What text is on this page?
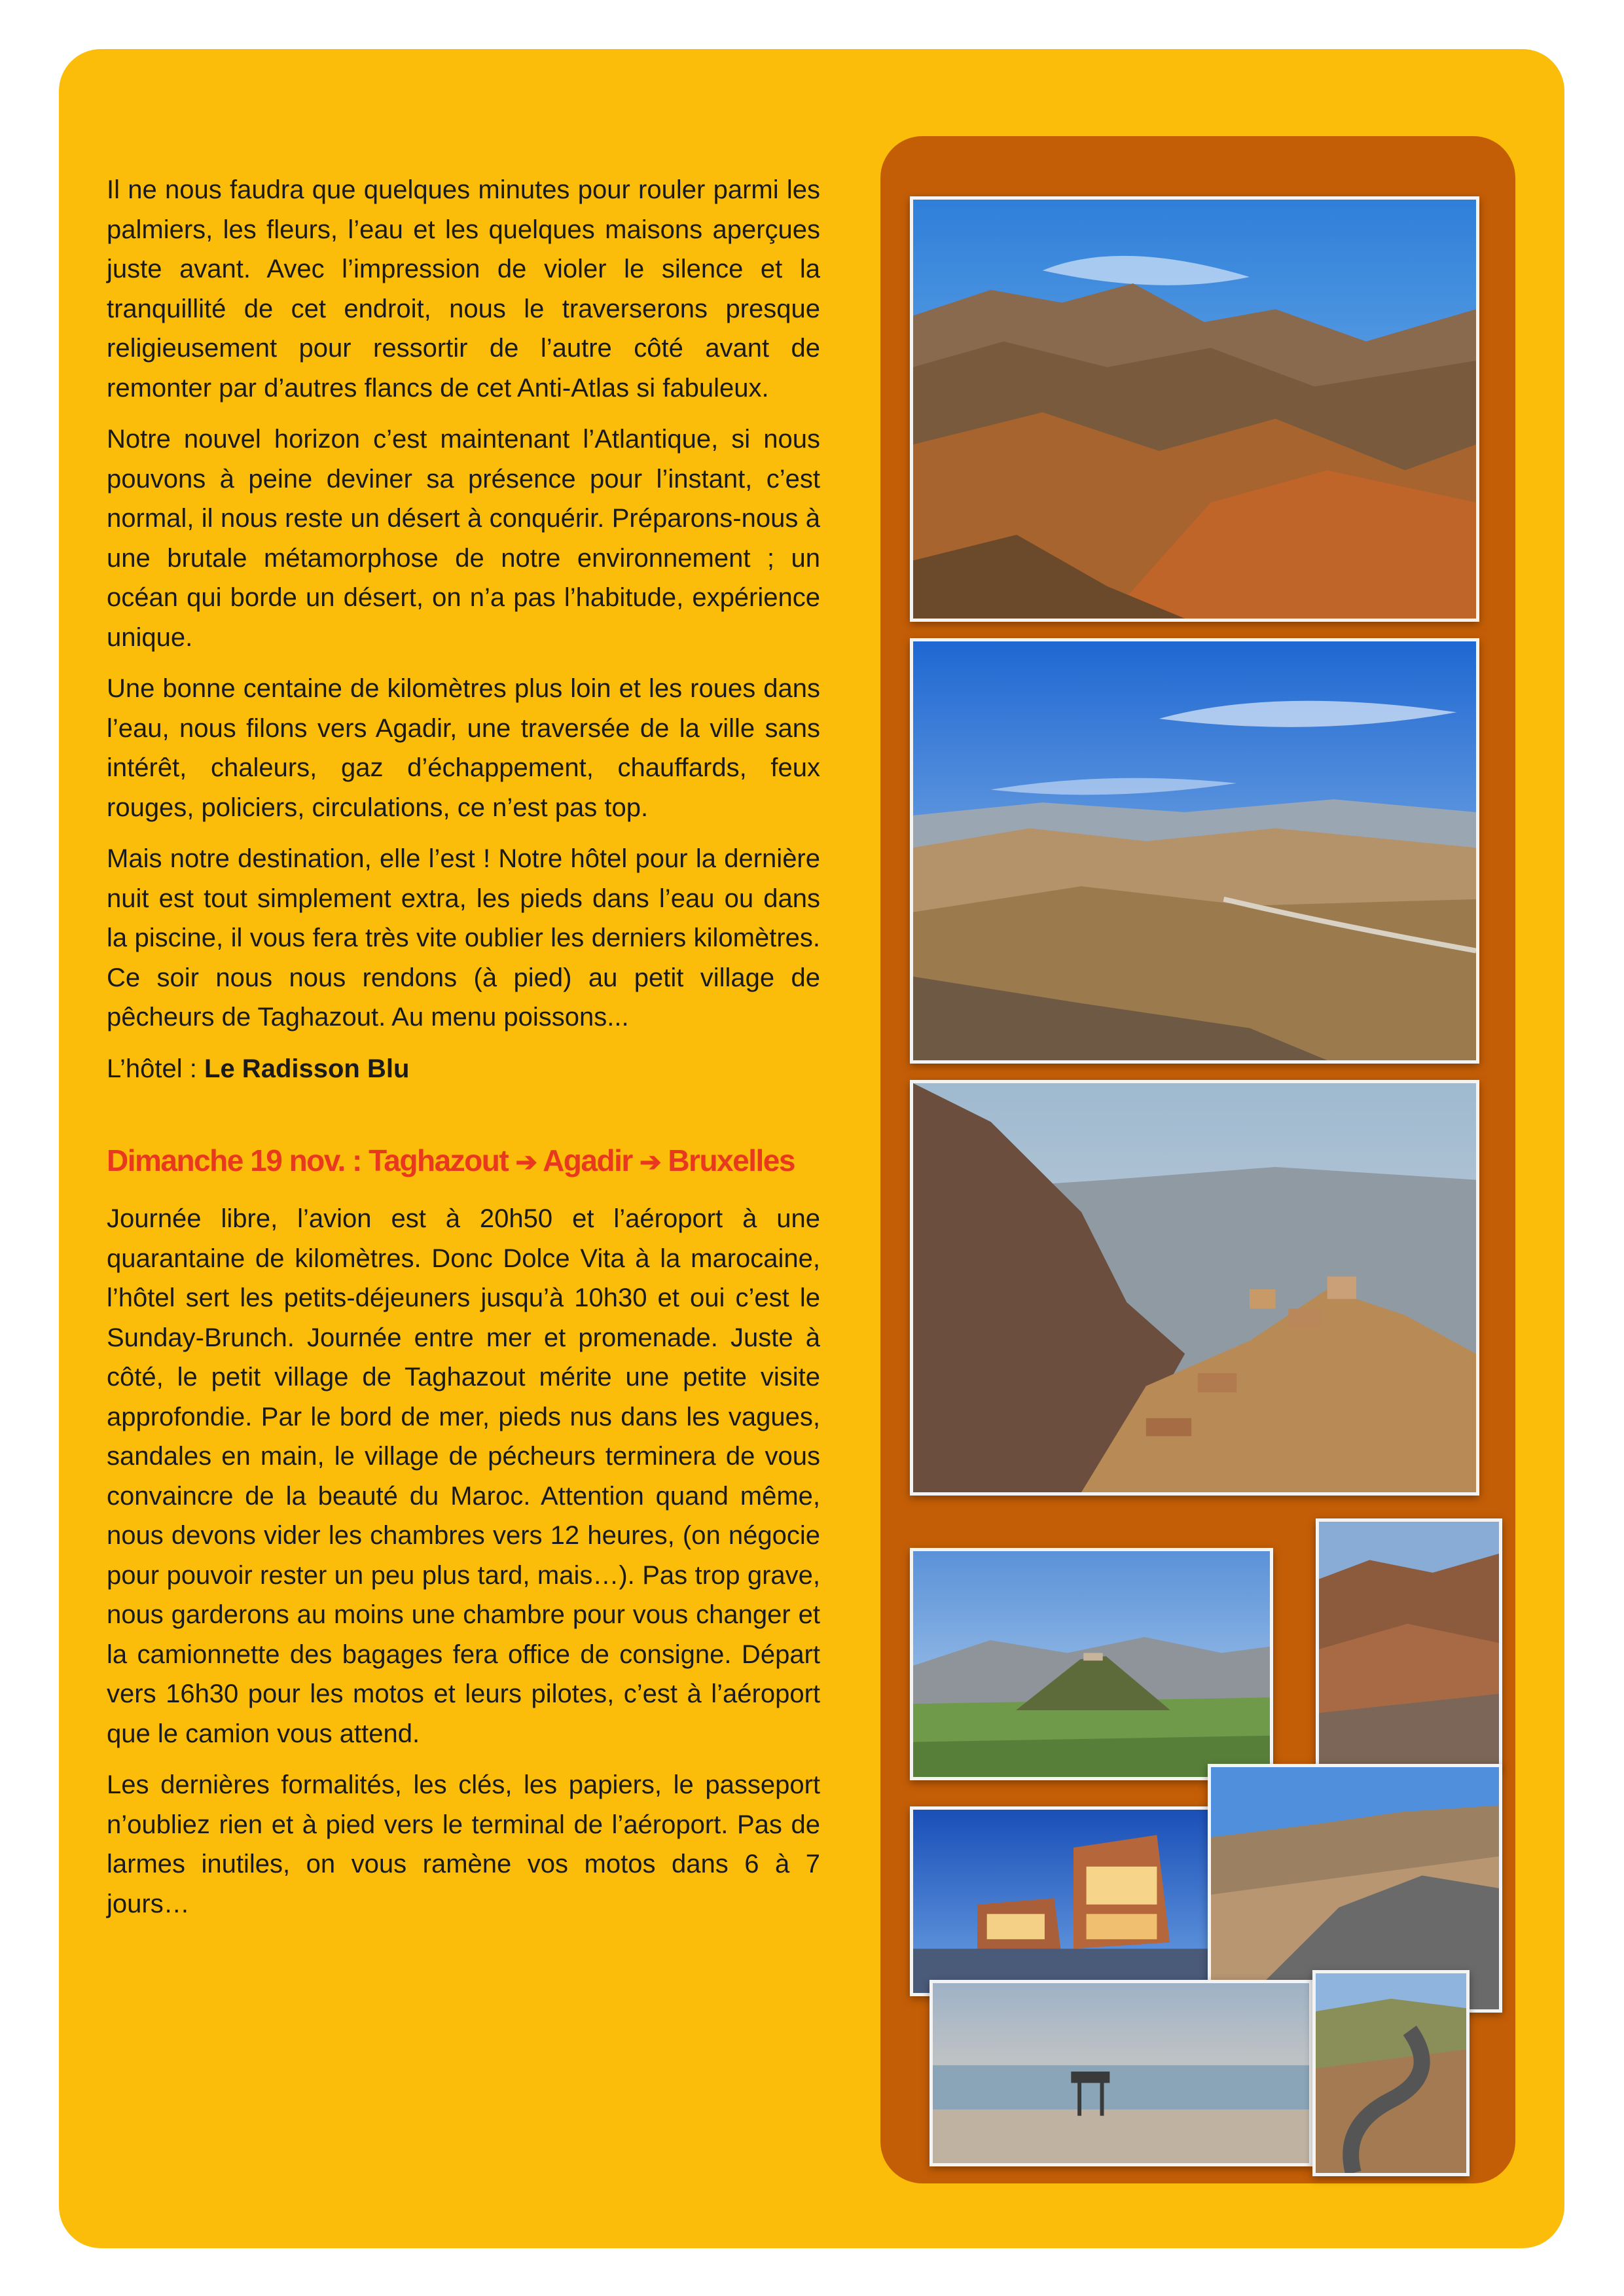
Il ne nous faudra que quelques minutes pour rouler parmi les palmiers, les fleurs, l’eau et les quelques maisons aperçues juste avant. Avec l’impression de violer le silence et la tranquillité de cet endroit, nous le traverserons presque religieusement pour ressortir de l’autre côté avant de remonter par d’autres flancs de cet Anti-Atlas si fabuleux.

Notre nouvel horizon c’est maintenant l’Atlantique, si nous pouvons à peine deviner sa présence pour l’instant, c’est normal, il nous reste un désert à conquérir. Préparons-nous à une brutale métamorphose de notre environnement ; un océan qui borde un désert, on n’a pas l’habitude, expérience unique.

Une bonne centaine de kilomètres plus loin et les roues dans l’eau, nous filons vers Agadir, une traversée de la ville sans intérêt, chaleurs, gaz d’échappement, chauffards, feux rouges, policiers, circulations, ce n’est pas top.

Mais notre destination, elle l’est ! Notre hôtel pour la dernière nuit est tout simplement extra, les pieds dans l’eau ou dans la piscine, il vous fera très vite oublier les derniers kilomètres. Ce soir nous nous rendons (à pied) au petit village de pêcheurs de Taghazout. Au menu poissons...

L’hôtel : Le Radisson Blu

Dimanche 19 nov. : Taghazout ➔ Agadir ➔ Bruxelles

Journée libre, l’avion est à 20h50 et l’aéroport à une quarantaine de kilomètres. Donc Dolce Vita à la marocaine, l’hôtel sert les petits-déjeuners jusqu’à 10h30 et oui c’est le Sunday-Brunch. Journée entre mer et promenade. Juste à côté, le petit village de Taghazout mérite une petite visite approfondie. Par le bord de mer, pieds nus dans les vagues, sandales en main, le village de pécheurs terminera de vous convaincre de la beauté du Maroc. Attention quand même, nous devons vider les chambres vers 12 heures, (on négocie pour pouvoir rester un peu plus tard, mais…). Pas trop grave, nous garderons au moins une chambre pour vous changer et la camionnette des bagages fera office de consigne. Départ vers 16h30 pour les motos et leurs pilotes, c’est à l’aéroport que le camion vous attend.

Les dernières formalités, les clés, les papiers, le passeport n’oubliez rien et à pied vers le terminal de l’aéroport. Pas de larmes inutiles, on vous ramène vos motos dans 6 à 7 jours…
